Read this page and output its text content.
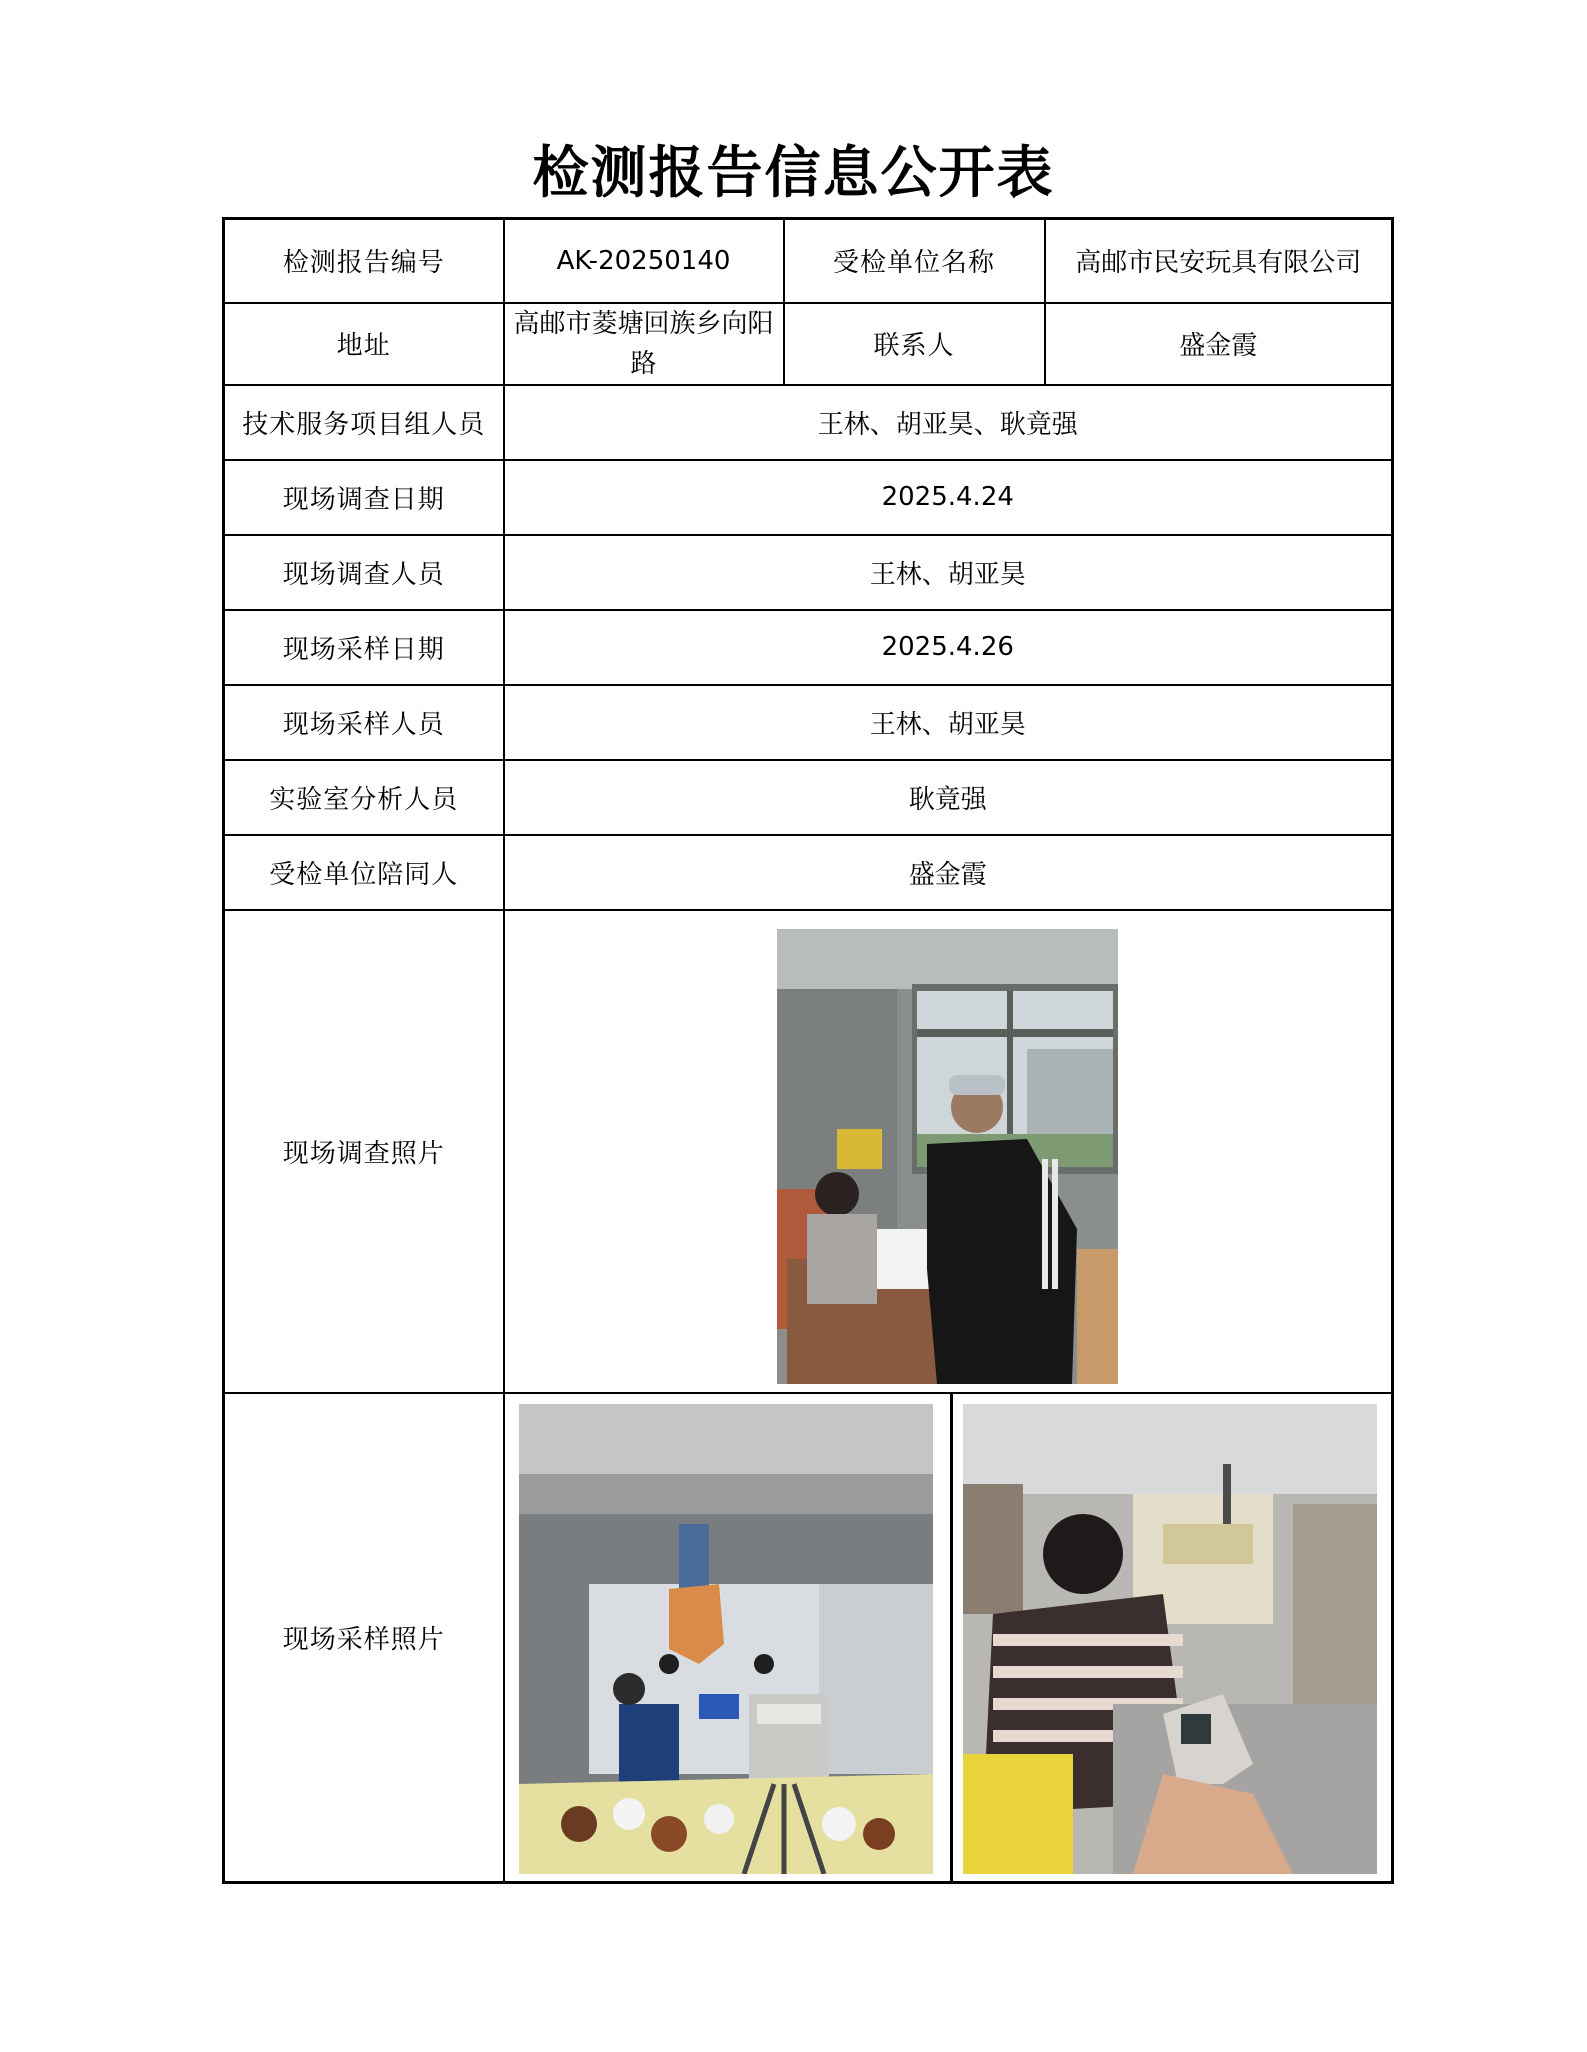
检测报告信息公开表
检测报告编号	AK-20250140	受检单位名称	高邮市民安玩具有限公司
地址	高邮市菱塘回族乡向阳路	联系人	盛金霞
技术服务项目组人员	王林、胡亚昊、耿竟强		
现场调查日期	2025.4.24		
现场调查人员	王林、胡亚昊		
现场采样日期	2025.4.26		
现场采样人员	王林、胡亚昊		
实验室分析人员	耿竟强		
受检单位陪同人	盛金霞		
现场调查照片	

现场采样照片	
